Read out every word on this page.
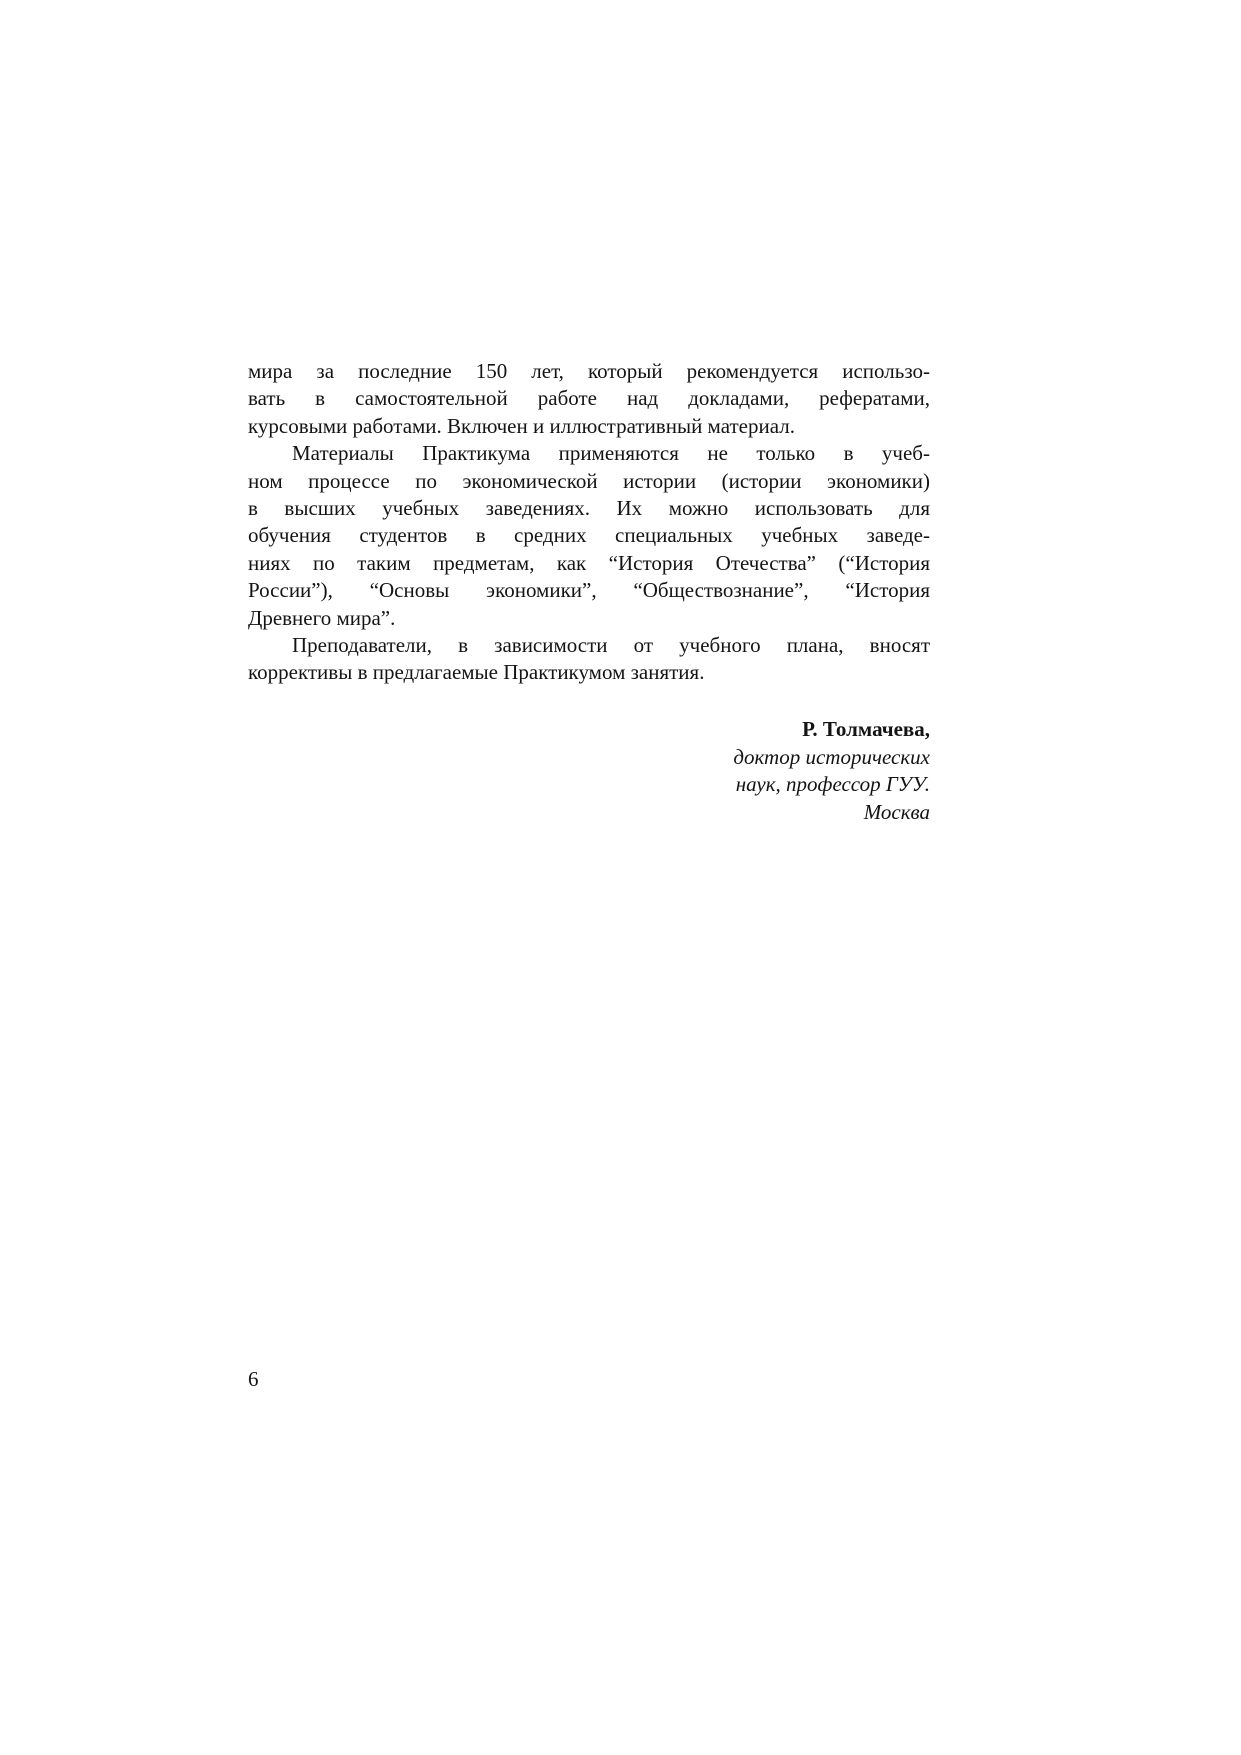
мира за последние 150 лет, который рекомендуется использо-
вать в самостоятельной работе над докладами, рефератами,
курсовыми работами. Включен и иллюстративный материал.
Материалы Практикума применяются не только в учеб-
ном процессе по экономической истории (истории экономики)
в высших учебных заведениях. Их можно использовать для
обучения студентов в средних специальных учебных заведе-
ниях по таким предметам, как “История Отечества” (“История
России”), “Основы экономики”, “Обществознание”, “История
Древнего мира”.
Преподаватели, в зависимости от учебного плана, вносят
коррективы в предлагаемые Практикумом занятия.
Р. Толмачева,
доктор исторических
наук, профессор ГУУ.
Москва
6
